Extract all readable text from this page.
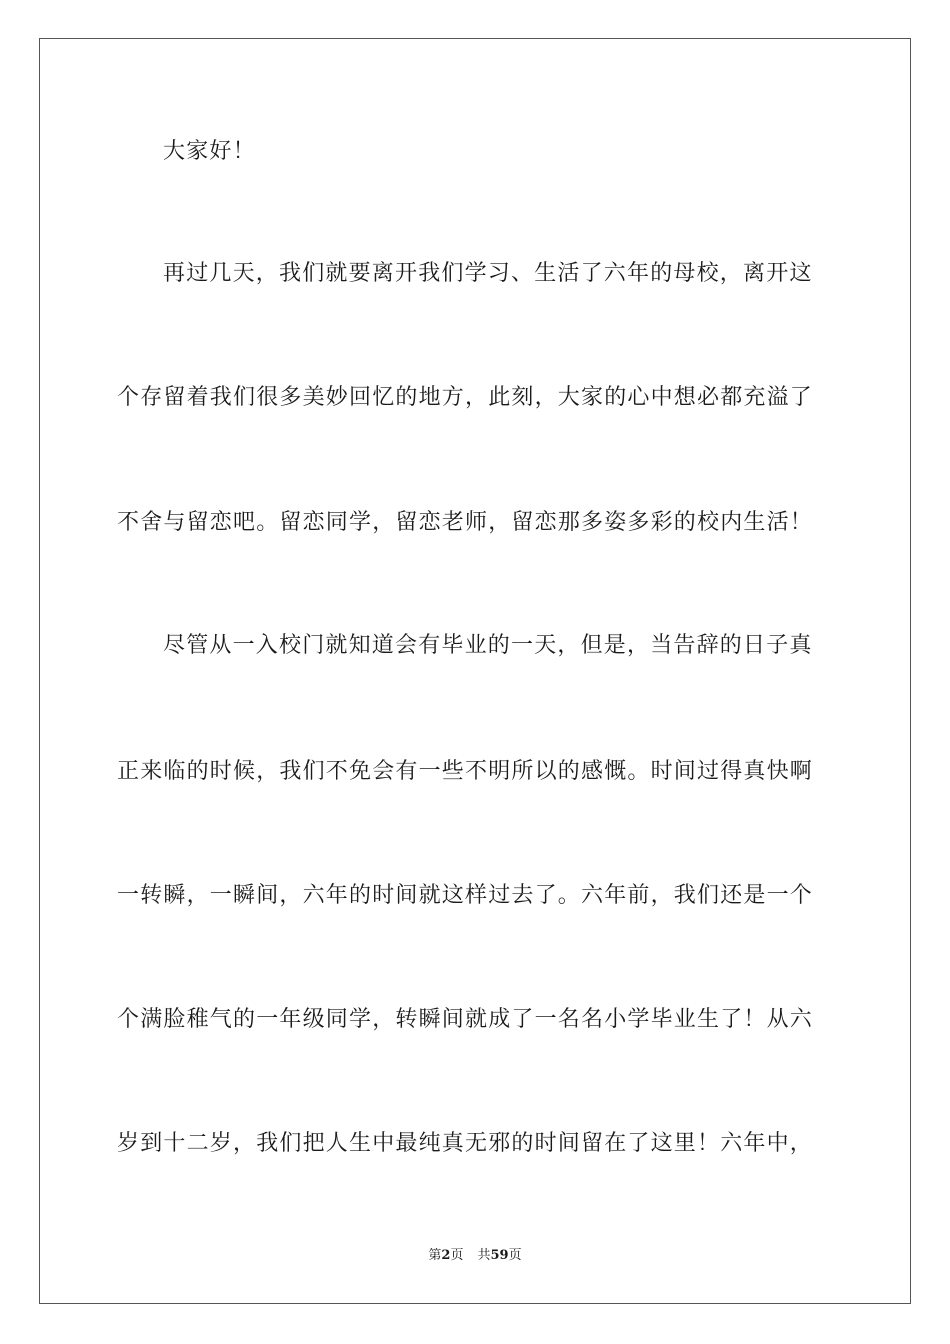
大家好！
再过几天，我们就要离开我们学习、生活了六年的母校，离开这
个存留着我们很多美妙回忆的地方，此刻，大家的心中想必都充溢了
不舍与留恋吧。留恋同学，留恋老师，留恋那多姿多彩的校内生活！
尽管从一入校门就知道会有毕业的一天，但是，当告辞的日子真
正来临的时候，我们不免会有一些不明所以的感慨。时间过得真快啊
一转瞬，一瞬间，六年的时间就这样过去了。六年前，我们还是一个
个满脸稚气的一年级同学，转瞬间就成了一名名小学毕业生了！从六
岁到十二岁，我们把人生中最纯真无邪的时间留在了这里！六年中，
第2页 共59页
